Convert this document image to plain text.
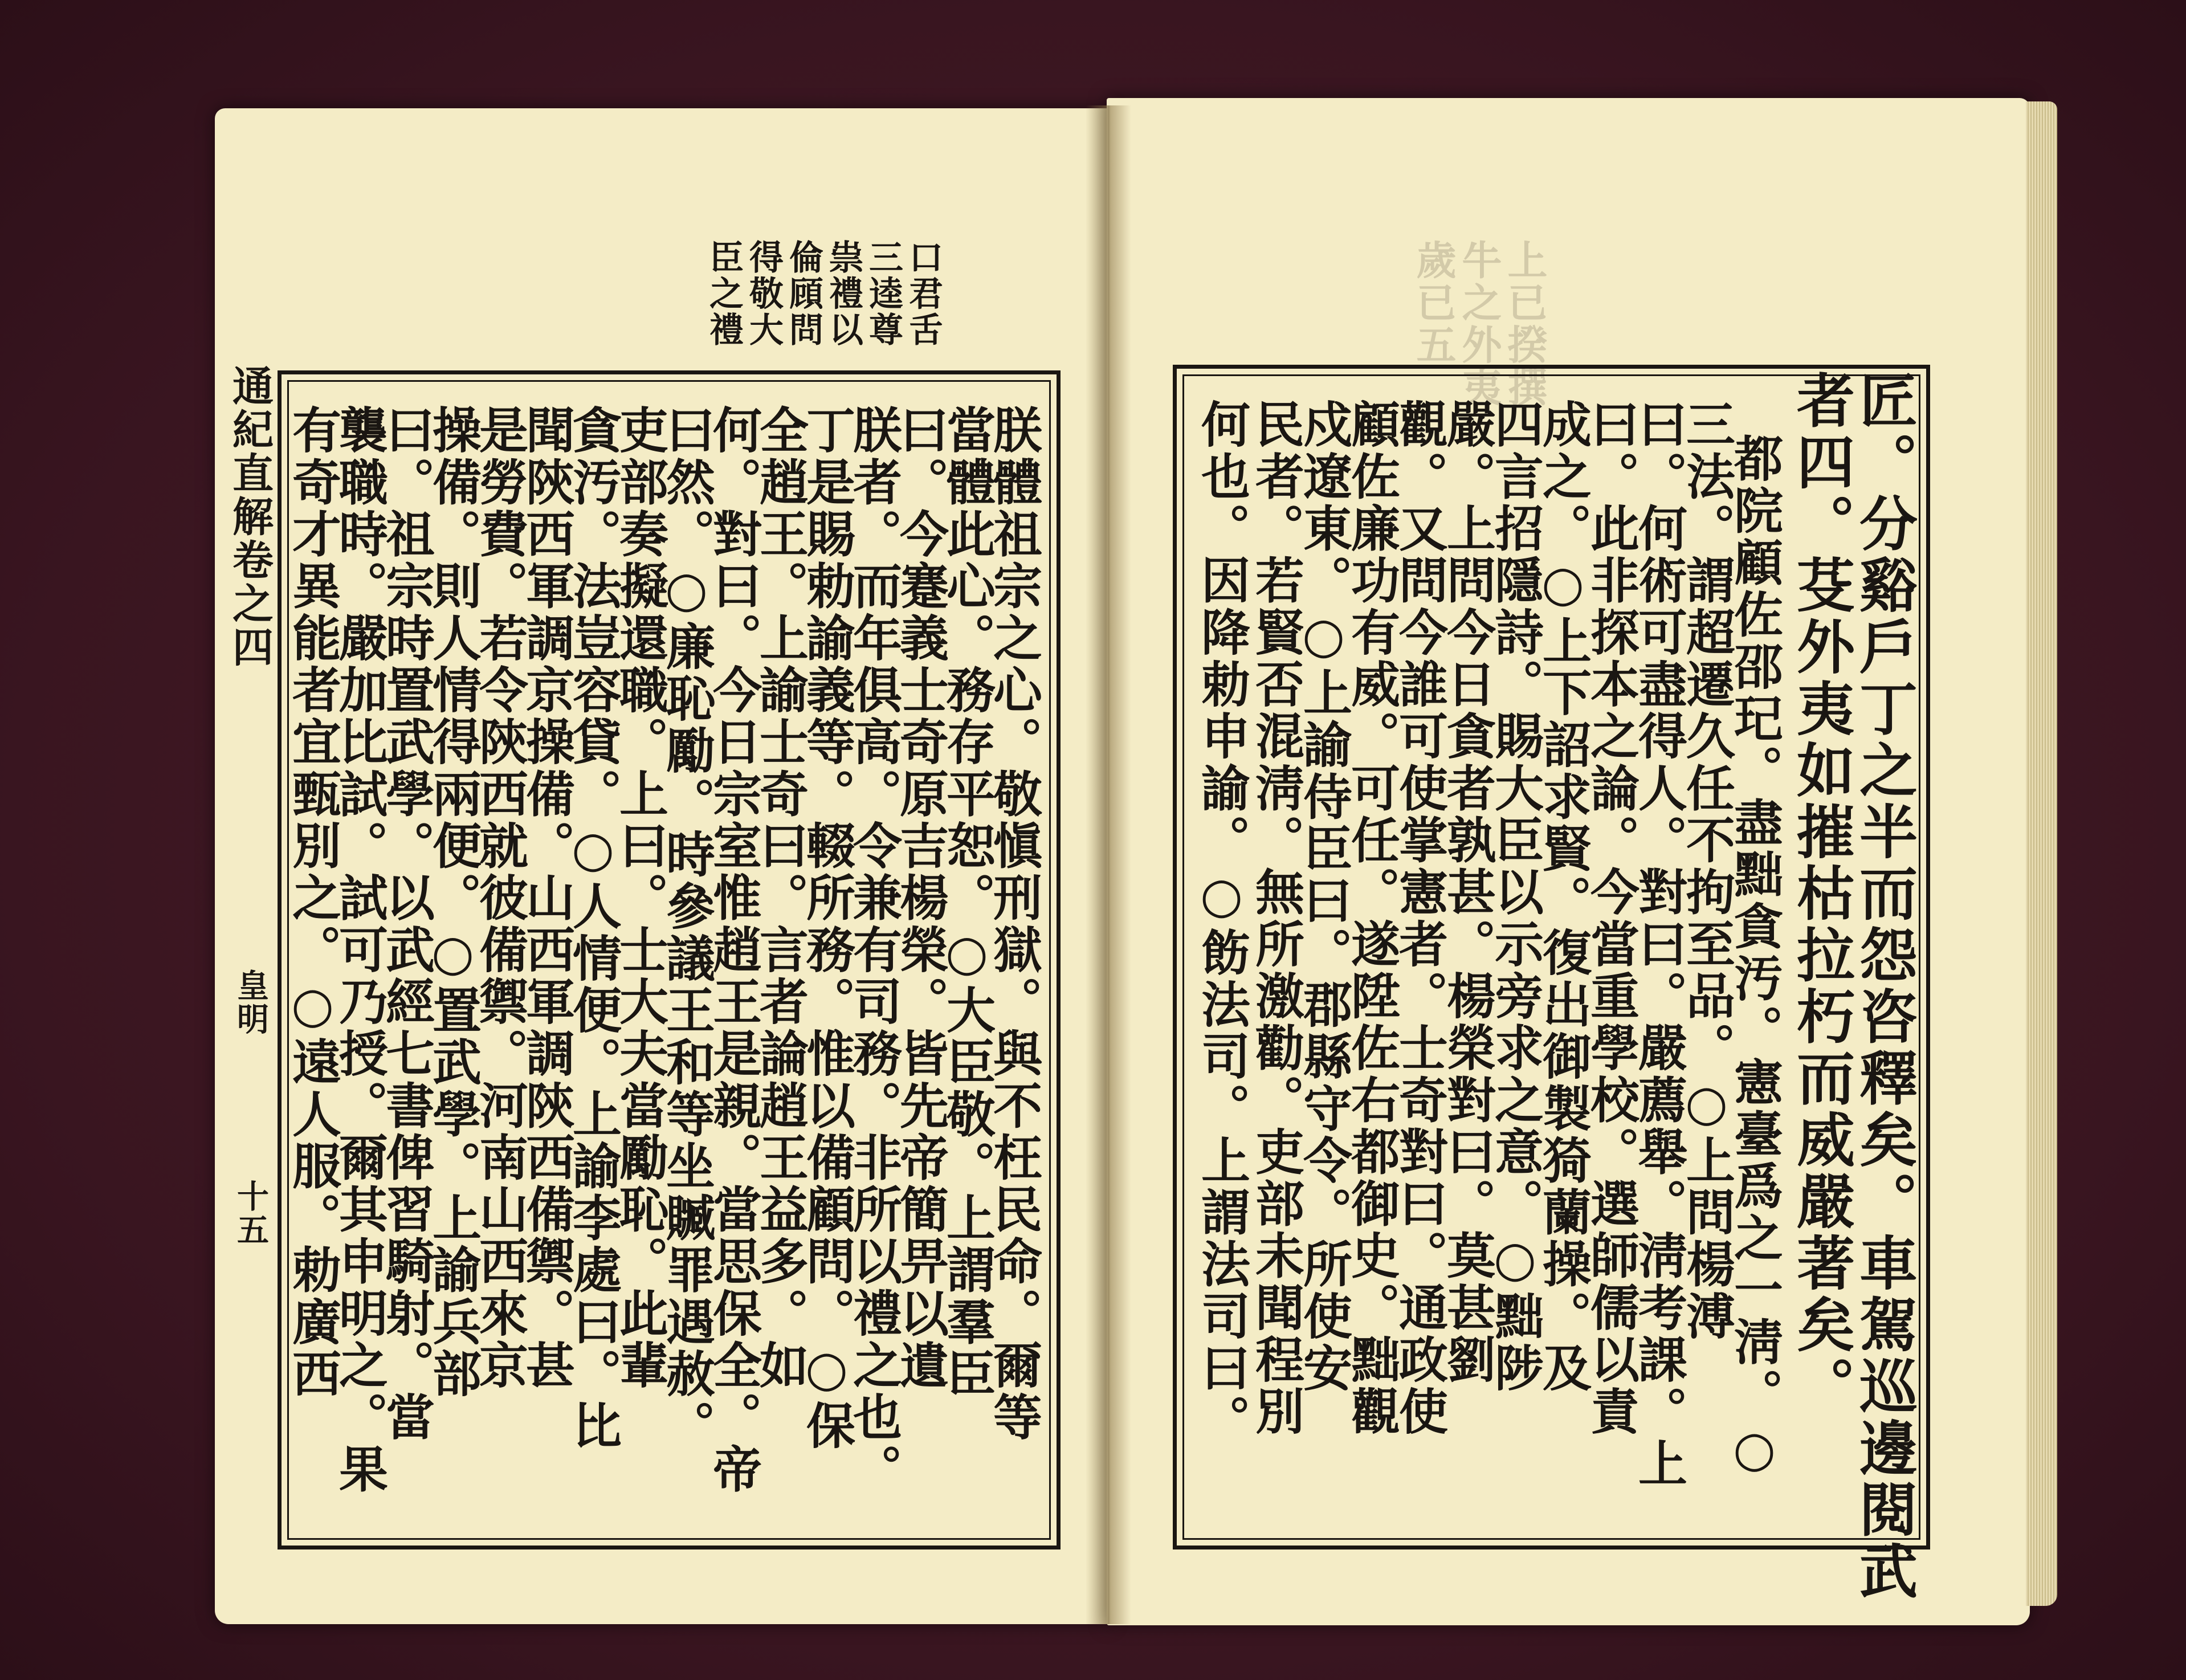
口君舌
三逵尊
祟禮以
倫頋問
得敬大
臣之禮
通紀直解卷之四
皇明
十五	朕體祖宗之心。敬愼刑獄。與不枉民命。爾等
當體此心。務存平恕。○大臣敬。上謂羣臣
曰。今蹇義士奇原吉楊榮。皆先帝簡畀以遺
朕者。而年俱高。令兼有司務。非所以禮之也。
丁是賜勅諭義等。輟所務。惟以備顧問。○保
全趙王。上諭士奇曰。言者論趙王益多。如
何。對曰。今日宗室惟趙王是親。當思保全。帝
曰然。○廉恥勵。時參議王和等坐贓罪遇赦。
吏部奏擬還職。上曰。士大夫當勵恥。此輩
貪汚。法豈容貸。○人情便。上諭李處曰。比
聞陝西軍調京操備。山西軍調陝西備禦。甚
是勞費。若令陝西就彼備禦。河南山西來京
操備。則人情得兩便。○置武學。上諭兵部
曰。祖宗時置武學。以武經七書俾習騎射。當
襲職時。嚴加比試。試可乃授。爾其申明之。果
有奇才異能者宜甄別之。○遠人服。勅廣西
上已揆撰
牛之外夷
歲已五
匠。分谿戶丁之半而怨咨釋矣。車駕巡邊閱武
者四。芟外夷如摧枯拉朽而威嚴著矣。
都院顧佐邵玘。盡黜貪汚。憲臺爲之一淸。○
三法。謂超遷久任不拘至品。○上問楊溥
曰。何術可盡得人。對曰。嚴薦舉。淸考課。上
曰。此非探本之論。今當重學校。選師儒以責
成之。○上下詔求賢。復出御製猗蘭操。及
四言招隱詩。賜大臣以示旁求之意。○黜陟
嚴。上問今日貪者孰甚。楊榮對曰。莫甚劉
觀。又問今誰可使掌憲者。士奇對曰。通政使
顧佐廉功有威。可任。遂陞佐右都御史。黜觀
戍遼東。○上諭侍臣曰。郡縣守令。所使安
民者。若賢否混淸。無所激勸。吏部未聞程別
何也。因降勅申諭。○飭法司。上謂法司曰。
